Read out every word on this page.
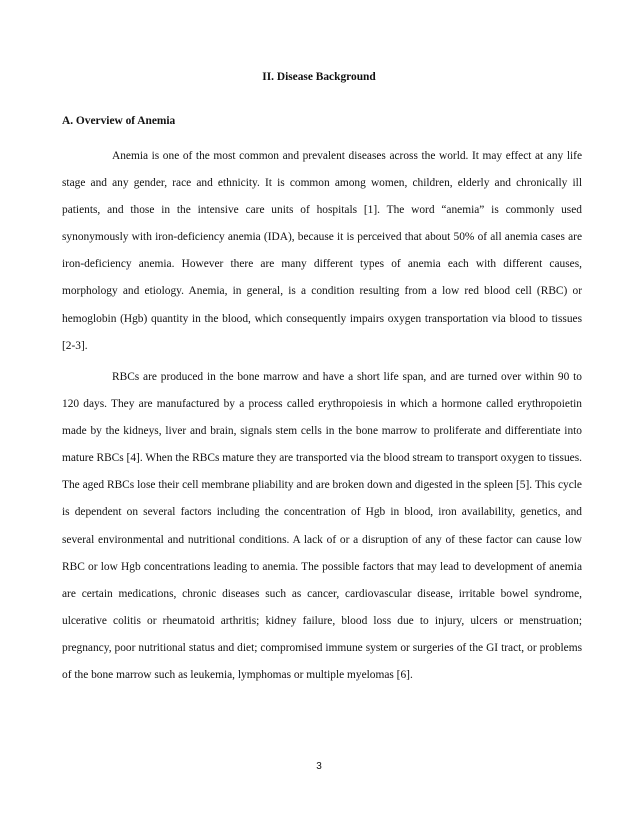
II. Disease Background
A. Overview of Anemia

Anemia is one of the most common and prevalent diseases across the world. It may effect at any life stage and any gender, race and ethnicity. It is common among women, children, elderly and chronically ill patients, and those in the intensive care units of hospitals [1]. The word “anemia” is commonly used synonymously with iron-deficiency anemia (IDA), because it is perceived that about 50% of all anemia cases are iron-deficiency anemia. However there are many different types of anemia each with different causes, morphology and etiology. Anemia, in general, is a condition resulting from a low red blood cell (RBC) or hemoglobin (Hgb) quantity in the blood, which consequently impairs oxygen transportation via blood to tissues [2-3].

RBCs are produced in the bone marrow and have a short life span, and are turned over within 90 to 120 days. They are manufactured by a process called erythropoiesis in which a hormone called erythropoietin made by the kidneys, liver and brain, signals stem cells in the bone marrow to proliferate and differentiate into mature RBCs [4]. When the RBCs mature they are transported via the blood stream to transport oxygen to tissues. The aged RBCs lose their cell membrane pliability and are broken down and digested in the spleen [5]. This cycle is dependent on several factors including the concentration of Hgb in blood, iron availability, genetics, and several environmental and nutritional conditions. A lack of or a disruption of any of these factor can cause low RBC or low Hgb concentrations leading to anemia. The possible factors that may lead to development of anemia are certain medications, chronic diseases such as cancer, cardiovascular disease, irritable bowel syndrome, ulcerative colitis or rheumatoid arthritis; kidney failure, blood loss due to injury, ulcers or menstruation; pregnancy, poor nutritional status and diet; compromised immune system or surgeries of the GI tract, or problems of the bone marrow such as leukemia, lymphomas or multiple myelomas [6].

3
